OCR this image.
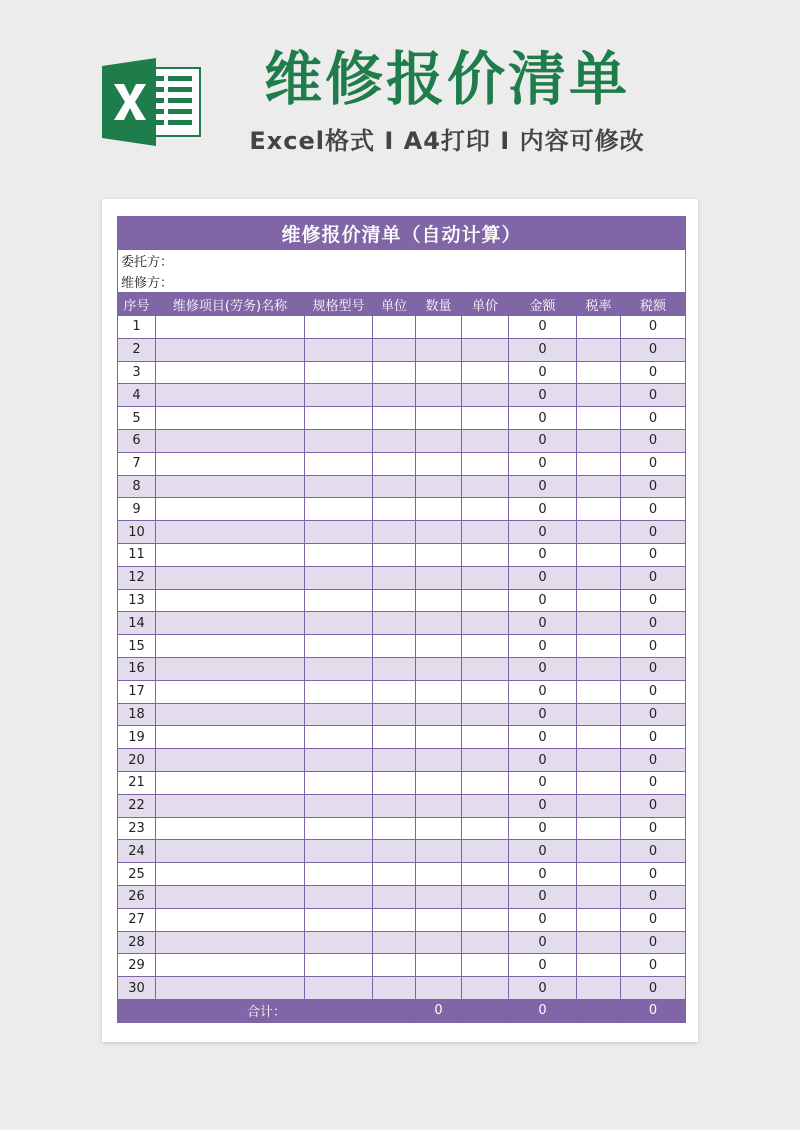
维修报价清单
Excel格式 I A4打印 I 内容可修改
维修报价清单（自动计算）								
委托方：								
维修方：								
序号	维修项目(劳务)名称	规格型号	单位	数量	单价	金额	税率	税额
1						0		0
2						0		0
3						0		0
4						0		0
5						0		0
6						0		0
7						0		0
8						0		0
9						0		0
10						0		0
11						0		0
12						0		0
13						0		0
14						0		0
15						0		0
16						0		0
17						0		0
18						0		0
19						0		0
20						0		0
21						0		0
22						0		0
23						0		0
24						0		0
25						0		0
26						0		0
27						0		0
28						0		0
29						0		0
30						0		0
合计：				0		0		0
